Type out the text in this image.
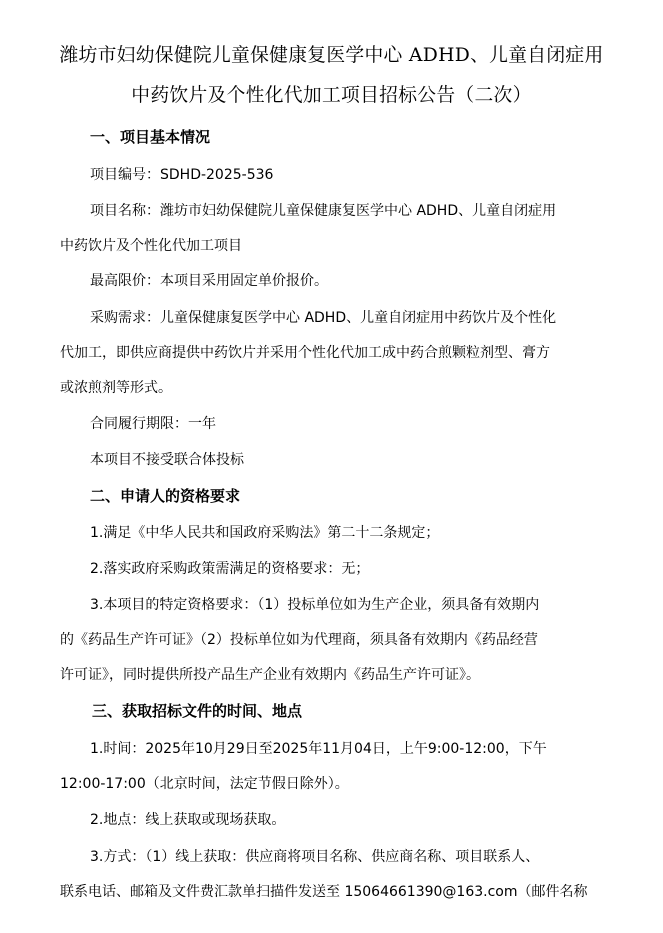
潍坊市妇幼保健院儿童保健康复医学中心 ADHD、儿童自闭症用
中药饮片及个性化代加工项目招标公告（二次）
一、项目基本情况
项目编号：SDHD-2025-536
项目名称：潍坊市妇幼保健院儿童保健康复医学中心 ADHD、儿童自闭症用
中药饮片及个性化代加工项目
最高限价：本项目采用固定单价报价。
采购需求：儿童保健康复医学中心 ADHD、儿童自闭症用中药饮片及个性化
代加工，即供应商提供中药饮片并采用个性化代加工成中药合煎颗粒剂型、膏方
或浓煎剂等形式。
合同履行期限：一年
本项目不接受联合体投标
二、申请人的资格要求
1.满足《中华人民共和国政府采购法》第二十二条规定；
2.落实政府采购政策需满足的资格要求：无；
3.本项目的特定资格要求：（1）投标单位如为生产企业，须具备有效期内
的《药品生产许可证》（2）投标单位如为代理商，须具备有效期内《药品经营
许可证》，同时提供所投产品生产企业有效期内《药品生产许可证》。
三、获取招标文件的时间、地点
1.时间：2025年10月29日至2025年11月04日，上午9:00-12:00，下午
12:00-17:00（北京时间，法定节假日除外）。
2.地点：线上获取或现场获取。
3.方式：（1）线上获取：供应商将项目名称、供应商名称、项目联系人、
联系电话、邮箱及文件费汇款单扫描件发送至 15064661390@163.com（邮件名称
